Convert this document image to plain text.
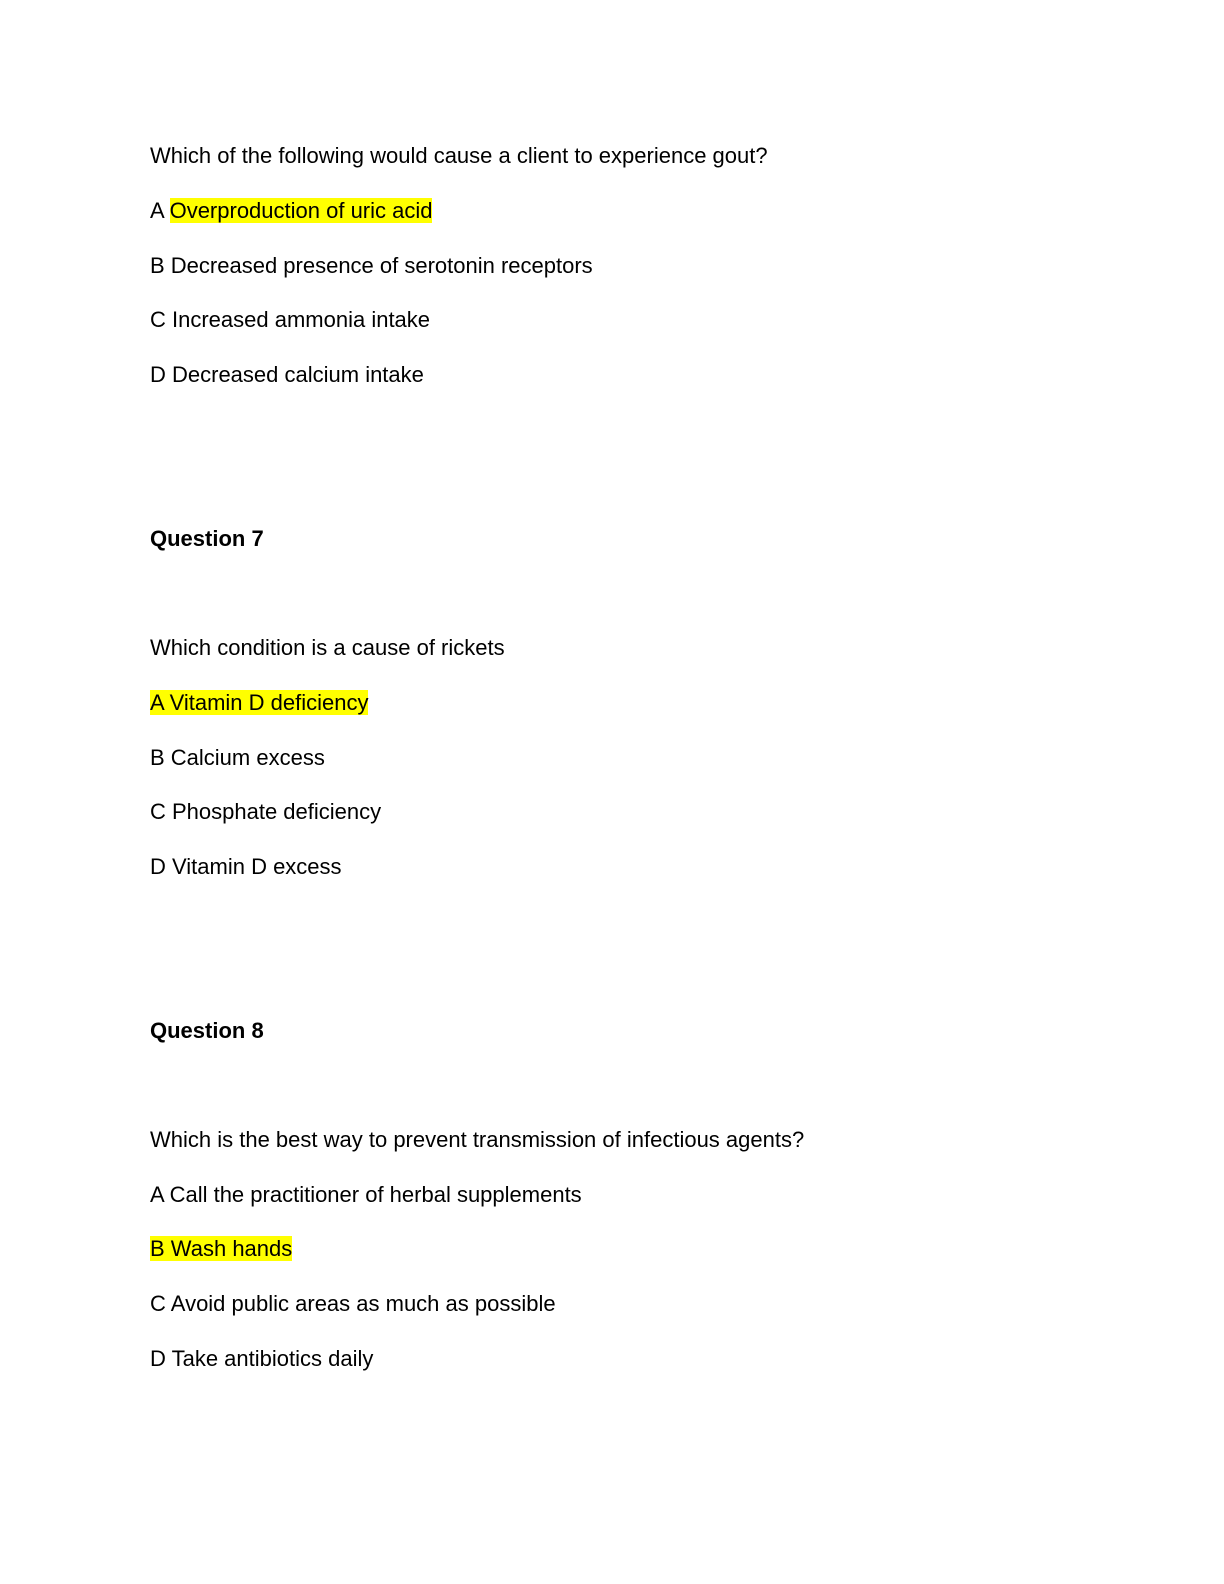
Which of the following would cause a client to experience gout?
A Overproduction of uric acid
B Decreased presence of serotonin receptors
C Increased ammonia intake
D Decreased calcium intake
Question 7
Which condition is a cause of rickets
A Vitamin D deficiency
B Calcium excess
C Phosphate deficiency
D Vitamin D excess
Question 8
Which is the best way to prevent transmission of infectious agents?
A Call the practitioner of herbal supplements
B Wash hands
C Avoid public areas as much as possible
D Take antibiotics daily
